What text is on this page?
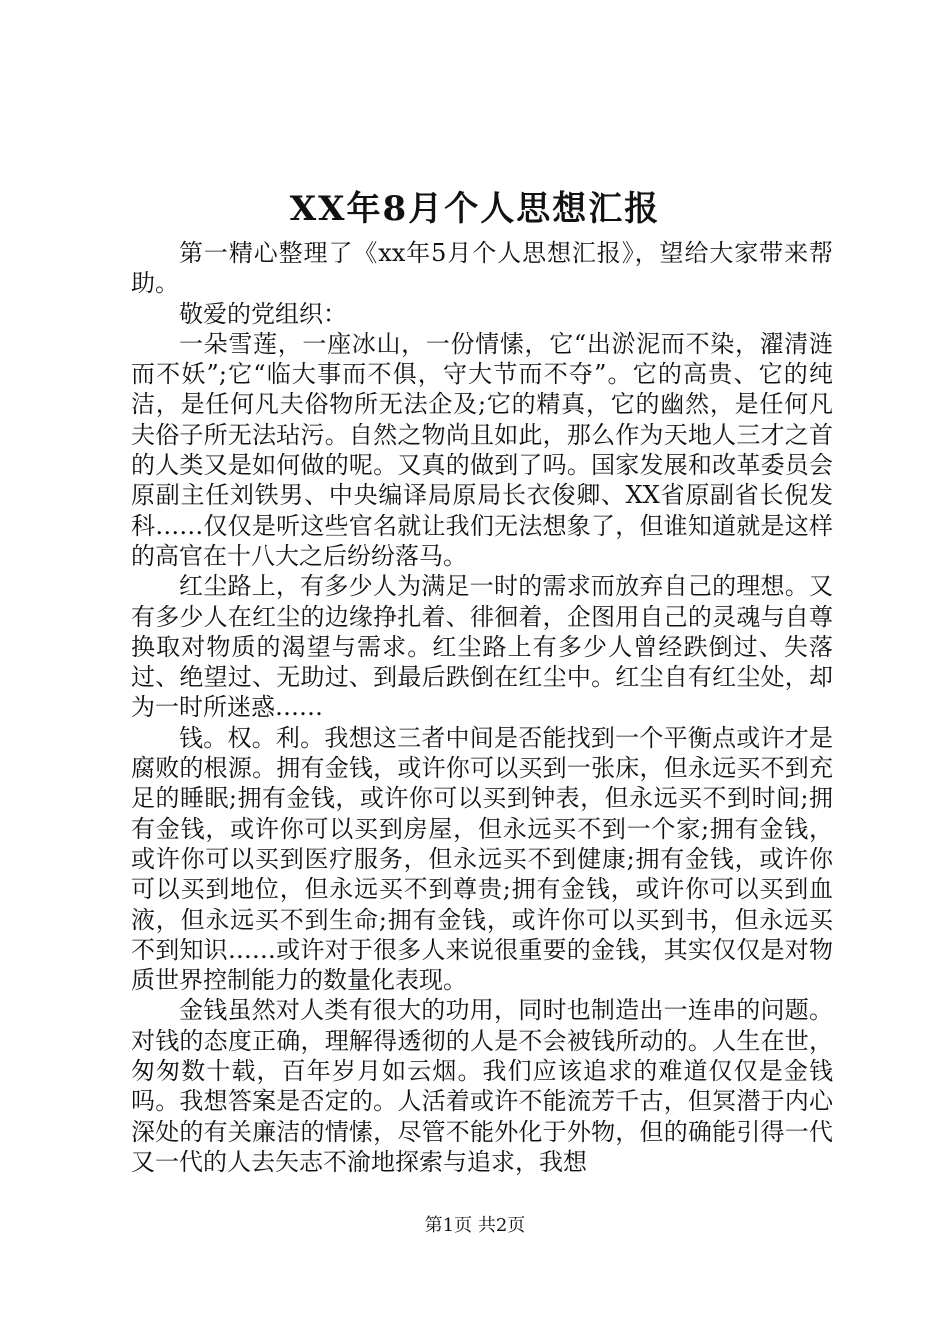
XX年8月个人思想汇报

第一精心整理了《xx年5月个人思想汇报》，望给大家带来帮助。

敬爱的党组织：

一朵雪莲，一座冰山，一份情愫，它“出淤泥而不染，濯清涟而不妖”;它“临大事而不俱，守大节而不夺”。它的高贵、它的纯洁，是任何凡夫俗物所无法企及;它的精真，它的幽然，是任何凡夫俗子所无法玷污。自然之物尚且如此，那么作为天地人三才之首的人类又是如何做的呢。又真的做到了吗。国家发展和改革委员会原副主任刘铁男、中央编译局原局长衣俊卿、XX省原副省长倪发科……仅仅是听这些官名就让我们无法想象了，但谁知道就是这样的高官在十八大之后纷纷落马。

红尘路上，有多少人为满足一时的需求而放弃自己的理想。又有多少人在红尘的边缘挣扎着、徘徊着，企图用自己的灵魂与自尊换取对物质的渴望与需求。红尘路上有多少人曾经跌倒过、失落过、绝望过、无助过、到最后跌倒在红尘中。红尘自有红尘处，却为一时所迷惑……

钱。权。利。我想这三者中间是否能找到一个平衡点或许才是腐败的根源。拥有金钱，或许你可以买到一张床，但永远买不到充足的睡眠;拥有金钱，或许你可以买到钟表，但永远买不到时间;拥有金钱，或许你可以买到房屋，但永远买不到一个家;拥有金钱，或许你可以买到医疗服务，但永远买不到健康;拥有金钱，或许你可以买到地位，但永远买不到尊贵;拥有金钱，或许你可以买到血液，但永远买不到生命;拥有金钱，或许你可以买到书，但永远买不到知识……或许对于很多人来说很重要的金钱，其实仅仅是对物质世界控制能力的数量化表现。

金钱虽然对人类有很大的功用，同时也制造出一连串的问题。对钱的态度正确，理解得透彻的人是不会被钱所动的。人生在世，匆匆数十载，百年岁月如云烟。我们应该追求的难道仅仅是金钱吗。我想答案是否定的。人活着或许不能流芳千古，但冥潜于内心深处的有关廉洁的情愫，尽管不能外化于外物，但的确能引得一代又一代的人去矢志不渝地探索与追求，我想

第1页 共2页
